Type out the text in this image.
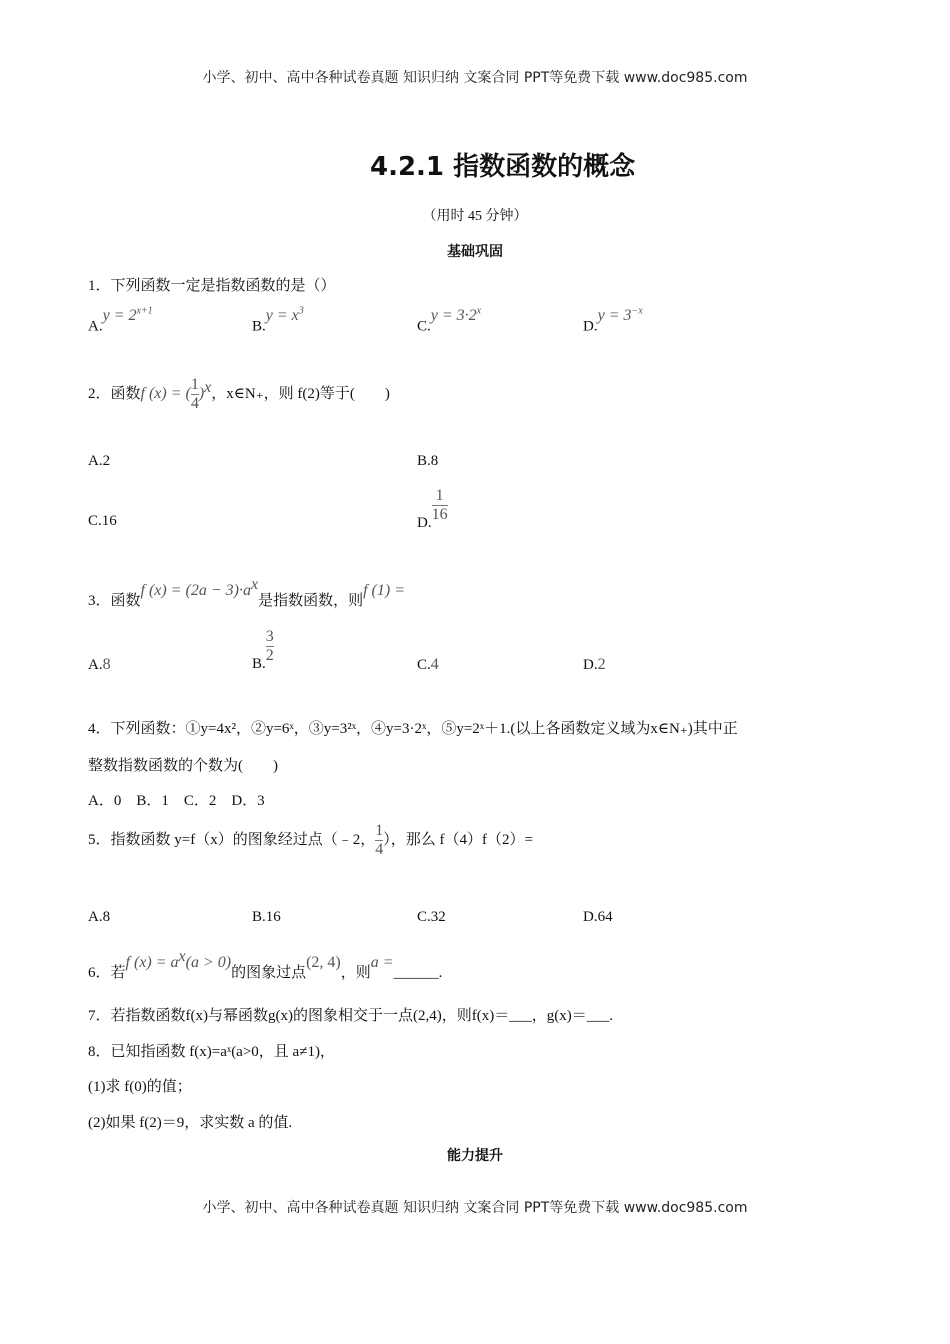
小学、初中、高中各种试卷真题 知识归纳 文案合同 PPT等免费下载 www.doc985.com
4.2.1 指数函数的概念
（用时 45 分钟）
基础巩固
1．下列函数一定是指数函数的是（）
$A.y = 2^{x+1}$
$B.y = x^3$
$C.y = 3\cdot 2^x$
$D.y = 3^{-x}$
2．函数f (x) = ( $\frac{1}{4} )^x$，x∈N₊，则 f(2)等于(　　)
A.2	B.8
C.16	D. $\frac{1}{16}$
3．函数f $(x) = (2a - 3)\cdot a^x$是指数函数，则f (1) =
A.8	B. $\frac{3}{2}$	C.4	D.2
4．下列函数：①y=4x²，②y=6ˣ，③y=3²ˣ，④y=3·2ˣ，⑤y=2ˣ＋1.(以上各函数定义域为x∈N₊)其中正
整数指数函数的个数为(　　)
A．0　B．1　C．2　D．3
5．指数函数 y=f（x）的图象经过点（﹣2， $\frac{1}{4}$ ），那么 f（4）f（2）=
A.8	B.16	C.32	D.64
6．若f $(x) = a^x(a > 0)$的图象过点(2, 4)，则a =______.
7．若指数函数f(x)与幂函数g(x)的图象相交于一点(2,4)，则f(x)＝___，g(x)＝___.
8．已知指函数 f(x)=aˣ(a>0，且 a≠1)，
(1)求 f(0)的值；
(2)如果 f(2)＝9，求实数 a 的值.
能力提升
小学、初中、高中各种试卷真题 知识归纳 文案合同 PPT等免费下载 www.doc985.com
